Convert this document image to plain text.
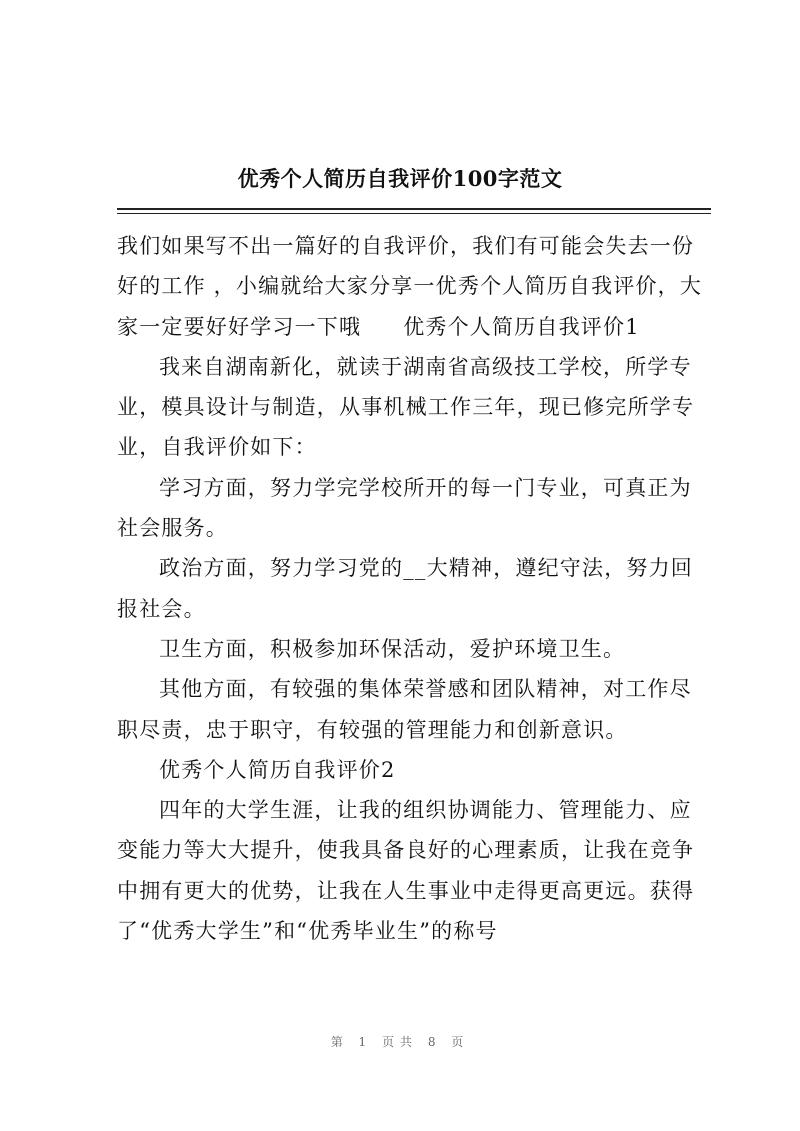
优秀个人简历自我评价100字范文

我们如果写不出一篇好的自我评价，我们有可能会失去一份好的工作 ，小编就给大家分享一优秀个人简历自我评价，大家一定要好好学习一下哦 优秀个人简历自我评价1

我来自湖南新化，就读于湖南省高级技工学校，所学专业，模具设计与制造，从事机械工作三年，现已修完所学专业，自我评价如下：

学习方面，努力学完学校所开的每一门专业，可真正为社会服务。

政治方面，努力学习党的__大精神，遵纪守法，努力回报社会。

卫生方面，积极参加环保活动，爱护环境卫生。

其他方面，有较强的集体荣誉感和团队精神，对工作尽职尽责，忠于职守，有较强的管理能力和创新意识。

优秀个人简历自我评价2

四年的大学生涯，让我的组织协调能力、管理能力、应变能力等大大提升，使我具备良好的心理素质，让我在竞争中拥有更大的优势，让我在人生事业中走得更高更远。获得了“优秀大学生”和“优秀毕业生”的称号

第 1 页共 8 页
